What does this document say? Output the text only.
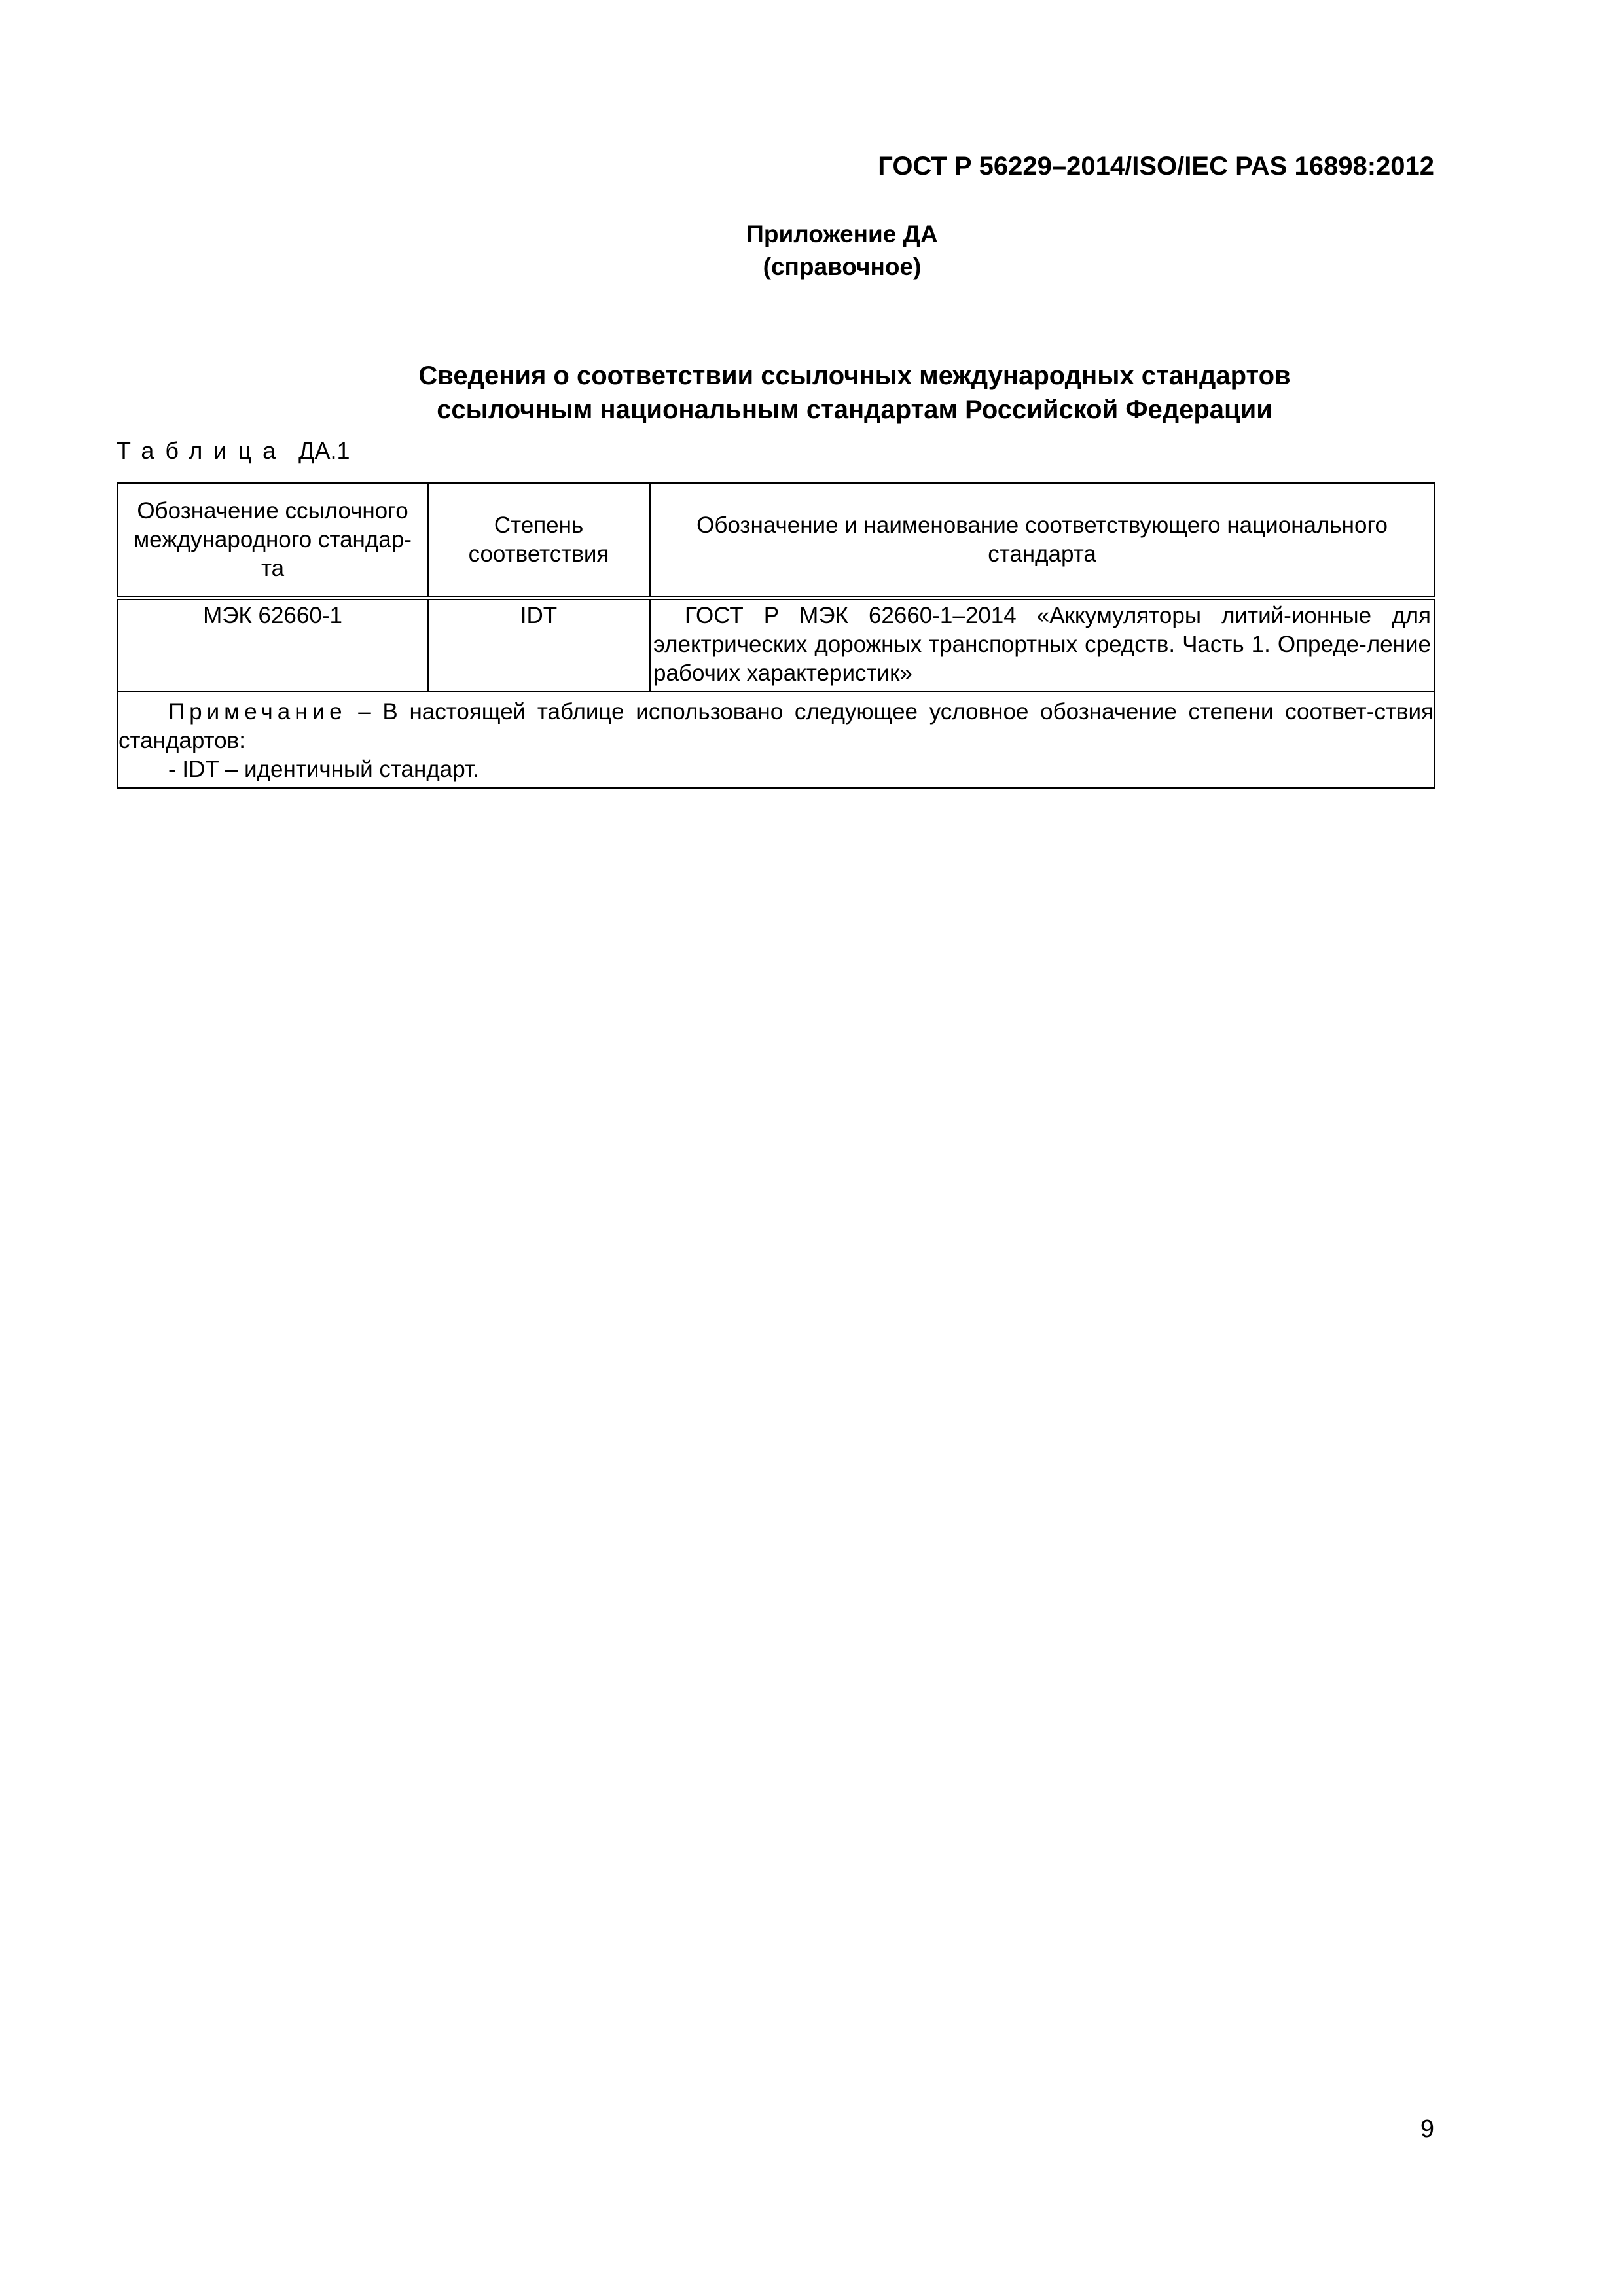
ГОСТ Р 56229–2014/ISO/IEC PAS 16898:2012
Приложение ДА
(справочное)
Сведения о соответствии ссылочных международных стандартов
ссылочным национальным стандартам Российской Федерации
Таблица ДА.1
Обозначение ссылочного международного стандар-та	Степень соответствия	Обозначение и наименование соответствующего национального стандарта
МЭК 62660-1	IDT	ГОСТ Р МЭК 62660-1–2014 «Аккумуляторы литий-ионные для электрических дорожных транспортных средств. Часть 1. Опреде-ление рабочих характеристик»

Примечание – В настоящей таблице использовано следующее условное обозначение степени соответ-ствия стандартов:

- IDT – идентичный стандарт.		

9
